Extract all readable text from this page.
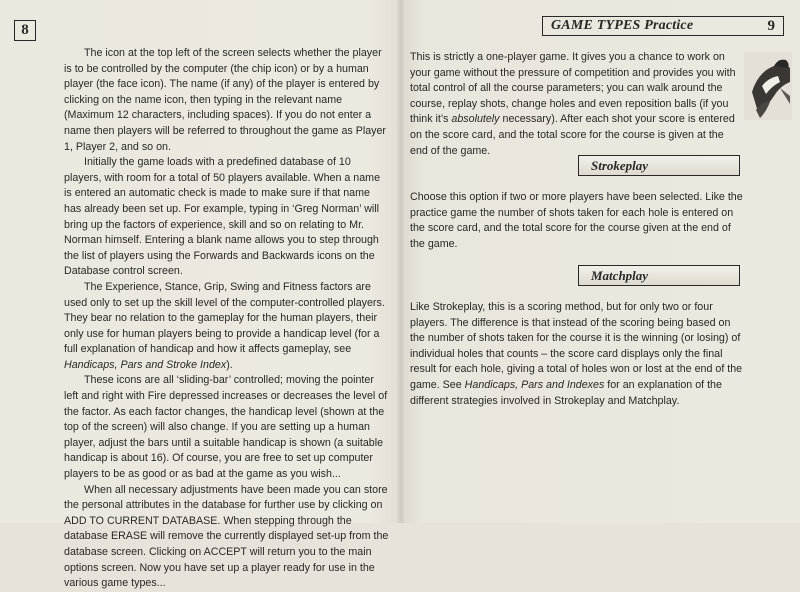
8

The icon at the top left of the screen selects whether the player is to be controlled by the computer (the chip icon) or by a human player (the face icon). The name (if any) of the player is entered by clicking on the name icon, then typing in the relevant name (Maximum 12 characters, including spaces). If you do not enter a name then players will be referred to throughout the game as Player 1, Player 2, and so on.

Initially the game loads with a predefined database of 10 players, with room for a total of 50 players available. When a name is entered an automatic check is made to make sure if that name has already been set up. For example, typing in ‘Greg Norman’ will bring up the factors of experience, skill and so on relating to Mr. Norman himself. Entering a blank name allows you to step through the list of players using the Forwards and Backwards icons on the Database control screen.

The Experience, Stance, Grip, Swing and Fitness factors are used only to set up the skill level of the computer-controlled players. They bear no relation to the gameplay for the human players, their only use for human players being to provide a handicap level (for a full explanation of handicap and how it affects gameplay, see Handicaps, Pars and Stroke Index).

These icons are all ‘sliding-bar’ controlled; moving the pointer left and right with Fire depressed increases or decreases the level of the factor. As each factor changes, the handicap level (shown at the top of the screen) will also change. If you are setting up a human player, adjust the bars until a suitable handicap is shown (a suitable handicap is about 16). Of course, you are free to set up computer players to be as good or as bad at the game as you wish...

When all necessary adjustments have been made you can store the personal attributes in the database for further use by clicking on ADD TO CURRENT DATABASE. When stepping through the database ERASE will remove the currently displayed set-up from the database screen. Clicking on ACCEPT will return you to the main options screen. Now you have set up a player ready for use in the various game types...

GAME TYPES Practice	9

This is strictly a one-player game. It gives you a chance to work on your game without the pressure of competition and provides you with total control of all the course parameters; you can walk around the course, replay shots, change holes and even reposition balls (if you think it’s absolutely necessary). After each shot your score is entered on the score card, and the total score for the course is given at the end of the game.

Strokeplay

Choose this option if two or more players have been selected. Like the practice game the number of shots taken for each hole is entered on the score card, and the total score for the course given at the end of the game.

Matchplay

Like Strokeplay, this is a scoring method, but for only two or four players. The difference is that instead of the scoring being based on the number of shots taken for the course it is the winning (or losing) of individual holes that counts – the score card displays only the final result for each hole, giving a total of holes won or lost at the end of the game. See Handicaps, Pars and Indexes for an explanation of the different strategies involved in Strokeplay and Matchplay.
